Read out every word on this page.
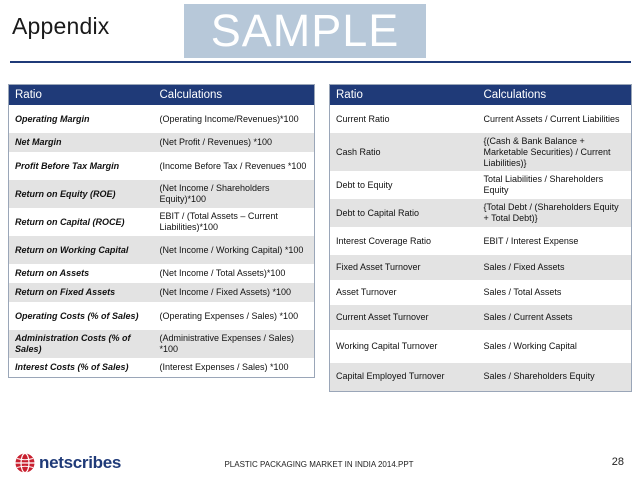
Appendix	SAMPLE
Ratio	Calculations
Operating Margin	(Operating Income/Revenues)*100
Net Margin	(Net Profit / Revenues) *100
Profit Before Tax Margin	(Income Before Tax / Revenues *100
Return on Equity (ROE)	(Net Income / Shareholders Equity)*100
Return on Capital (ROCE)	EBIT / (Total Assets – Current Liabilities)*100
Return on Working Capital	(Net Income / Working Capital) *100
Return on Assets	(Net Income / Total Assets)*100
Return on Fixed Assets	(Net Income / Fixed Assets) *100
Operating Costs (% of Sales)	(Operating Expenses / Sales) *100
Administration Costs (% of Sales)	(Administrative Expenses / Sales) *100
Interest Costs (% of Sales)	(Interest Expenses / Sales) *100
Ratio	Calculations
Current Ratio	Current Assets / Current Liabilities
Cash Ratio	{(Cash & Bank Balance + Marketable Securities) / Current Liabilities)}
Debt to Equity	Total Liabilities / Shareholders Equity
Debt to Capital Ratio	{Total Debt / (Shareholders Equity + Total Debt)}
Interest Coverage Ratio	EBIT / Interest Expense
Fixed Asset Turnover	Sales / Fixed Assets
Asset Turnover	Sales / Total Assets
Current Asset Turnover	Sales / Current Assets
Working Capital Turnover	Sales / Working Capital
Capital Employed Turnover	Sales / Shareholders Equity
netscribes	PLASTIC PACKAGING MARKET IN INDIA 2014.PPT	28
